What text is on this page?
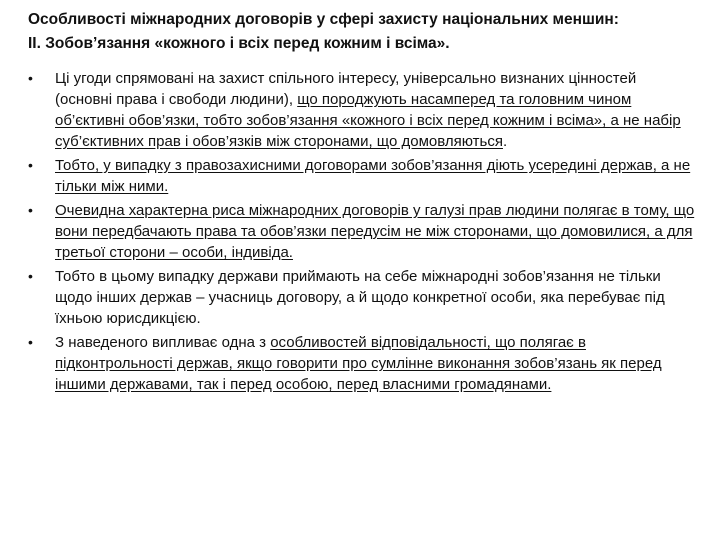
Особливості міжнародних договорів у сфері захисту національних меншин:
ІІ. Зобов’язання «кожного і всіх перед кожним і всіма».
• Ці угоди спрямовані на захист спільного інтересу, універсально визнаних цінностей (основні права і свободи людини), що породжують насамперед та головним чином об’єктивні обов’язки, тобто зобов’язання «кожного і всіх перед кожним і всіма», а не набір суб’єктивних прав і обов’язків між сторонами, що домовляються.
• Тобто, у випадку з правозахисними договорами зобов’язання діють усередині держав, а не тільки між ними.
• Очевидна характерна риса міжнародних договорів у галузі прав людини полягає в тому, що вони передбачають права та обов’язки передусім не між сторонами, що домовилися, а для третьої сторони – особи, індивіда.
• Тобто в цьому випадку держави приймають на себе міжнародні зобов’язання не тільки щодо інших держав – учасниць договору, а й щодо конкретної особи, яка перебуває під їхньою юрисдикцією.
• З наведеного випливає одна з особливостей відповідальності, що полягає в підконтрольності держав, якщо говорити про сумлінне виконання зобов’язань як перед іншими державами, так і перед особою, перед власними громадянами.
